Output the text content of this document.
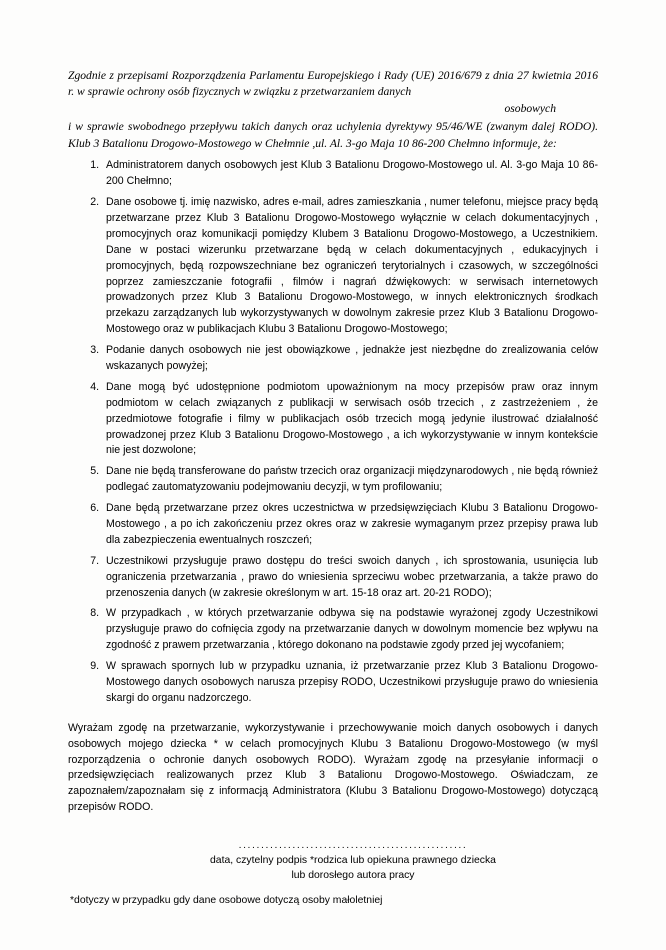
Zgodnie z przepisami Rozporządzenia Parlamentu Europejskiego i Rady (UE) 2016/679 z dnia 27 kwietnia 2016 r. w sprawie ochrony osób fizycznych w związku z przetwarzaniem danych
osobowych

i w sprawie swobodnego przepływu takich danych oraz uchylenia dyrektywy 95/46/WE (zwanym dalej RODO). Klub 3 Batalionu Drogowo-Mostowego w Chełmnie ,ul. Al. 3-go Maja 10 86-200 Chełmno informuje, że:

1. Administratorem danych osobowych jest Klub 3 Batalionu Drogowo-Mostowego ul. Al. 3-go Maja 10 86-200 Chełmno;
2. Dane osobowe tj. imię nazwisko, adres e-mail, adres zamieszkania , numer telefonu, miejsce pracy będą przetwarzane przez Klub 3 Batalionu Drogowo-Mostowego wyłącznie w celach dokumentacyjnych , promocyjnych oraz komunikacji pomiędzy Klubem 3 Batalionu Drogowo-Mostowego, a Uczestnikiem. Dane w postaci wizerunku przetwarzane będą w celach dokumentacyjnych , edukacyjnych i promocyjnych, będą rozpowszechniane bez ograniczeń terytorialnych i czasowych, w szczególności poprzez zamieszczanie fotografii , filmów i nagrań dźwiękowych: w serwisach internetowych prowadzonych przez Klub 3 Batalionu Drogowo-Mostowego, w innych elektronicznych środkach przekazu zarządzanych lub wykorzystywanych w dowolnym zakresie przez Klub 3 Batalionu Drogowo-Mostowego oraz w publikacjach Klubu 3 Batalionu Drogowo-Mostowego;
3. Podanie danych osobowych nie jest obowiązkowe , jednakże jest niezbędne do zrealizowania celów wskazanych powyżej;
4. Dane mogą być udostępnione podmiotom upoważnionym na mocy przepisów praw oraz innym podmiotom w celach związanych z publikacji w serwisach osób trzecich , z zastrzeżeniem , że przedmiotowe fotografie i filmy w publikacjach osób trzecich mogą jedynie ilustrować działalność prowadzonej przez Klub 3 Batalionu Drogowo-Mostowego , a ich wykorzystywanie w innym kontekście nie jest dozwolone;
5. Dane nie będą transferowane do państw trzecich oraz organizacji międzynarodowych , nie będą również podlegać zautomatyzowaniu podejmowaniu decyzji, w tym profilowaniu;
6. Dane będą przetwarzane przez okres uczestnictwa w przedsięwzięciach Klubu 3 Batalionu Drogowo-Mostowego , a po ich zakończeniu przez okres oraz w zakresie wymaganym przez przepisy prawa lub dla zabezpieczenia ewentualnych roszczeń;
7. Uczestnikowi przysługuje prawo dostępu do treści swoich danych , ich sprostowania, usunięcia lub ograniczenia przetwarzania , prawo do wniesienia sprzeciwu wobec przetwarzania, a także prawo do przenoszenia danych (w zakresie określonym w art. 15-18 oraz art. 20-21 RODO);
8. W przypadkach , w których przetwarzanie odbywa się na podstawie wyrażonej zgody Uczestnikowi przysługuje prawo do cofnięcia zgody na przetwarzanie danych w dowolnym momencie bez wpływu na zgodność z prawem przetwarzania , którego dokonano na podstawie zgody przed jej wycofaniem;
9. W sprawach spornych lub w przypadku uznania, iż przetwarzanie przez Klub 3 Batalionu Drogowo-Mostowego danych osobowych narusza przepisy RODO, Uczestnikowi przysługuje prawo do wniesienia skargi do organu nadzorczego.

Wyrażam zgodę na przetwarzanie, wykorzystywanie i przechowywanie moich danych osobowych i danych osobowych mojego dziecka * w celach promocyjnych Klubu 3 Batalionu Drogowo-Mostowego (w myśl rozporządzenia o ochronie danych osobowych RODO). Wyrażam zgodę na przesyłanie informacji o przedsięwzięciach realizowanych przez Klub 3 Batalionu Drogowo-Mostowego. Oświadczam, ze zapoznałem/zapoznałam się z informacją Administratora (Klubu 3 Batalionu Drogowo-Mostowego) dotyczącą przepisów RODO.

...................................................
data, czytelny podpis *rodzica lub opiekuna prawnego dziecka
lub dorosłego autora pracy
*dotyczy w przypadku gdy dane osobowe dotyczą osoby małoletniej
